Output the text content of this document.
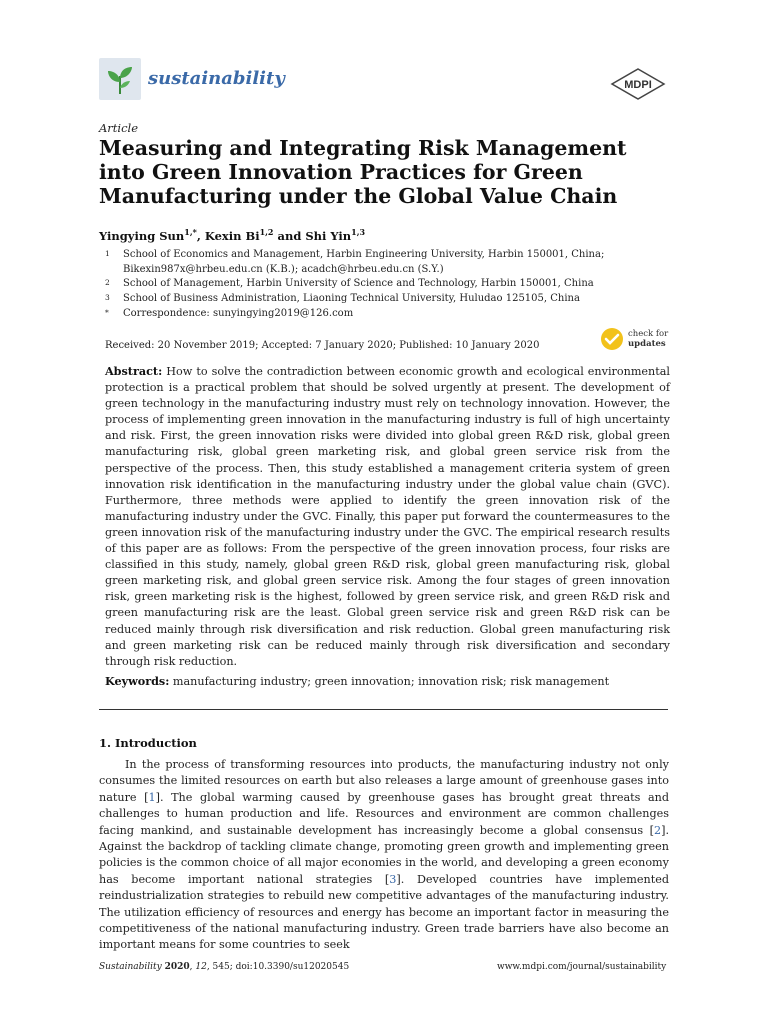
sustainability	MDPI
Article
Measuring and Integrating Risk Management into Green Innovation Practices for Green Manufacturing under the Global Value Chain
Yingying Sun$^{1,*}$, Kexin Bi$^{1,2}$ and Shi Yin$^{1,3}$
1 School of Economics and Management, Harbin Engineering University, Harbin 150001, China; Bikexin987x@hrbeu.edu.cn (K.B.); acadch@hrbeu.edu.cn (S.Y.)
2 School of Management, Harbin University of Science and Technology, Harbin 150001, China
3 School of Business Administration, Liaoning Technical University, Huludao 125105, China
* Correspondence: sunyingying2019@126.com
Received: 20 November 2019; Accepted: 7 January 2020; Published: 10 January 2020
check for
updates
Abstract: How to solve the contradiction between economic growth and ecological environmental protection is a practical problem that should be solved urgently at present. The development of green technology in the manufacturing industry must rely on technology innovation. However, the process of implementing green innovation in the manufacturing industry is full of high uncertainty and risk. First, the green innovation risks were divided into global green R&D risk, global green manufacturing risk, global green marketing risk, and global green service risk from the perspective of the process. Then, this study established a management criteria system of green innovation risk identification in the manufacturing industry under the global value chain (GVC). Furthermore, three methods were applied to identify the green innovation risk of the manufacturing industry under the GVC. Finally, this paper put forward the countermeasures to the green innovation risk of the manufacturing industry under the GVC. The empirical research results of this paper are as follows: From the perspective of the green innovation process, four risks are classified in this study, namely, global green R&D risk, global green manufacturing risk, global green marketing risk, and global green service risk. Among the four stages of green innovation risk, green marketing risk is the highest, followed by green service risk, and green R&D risk and green manufacturing risk are the least. Global green service risk and green R&D risk can be reduced mainly through risk diversification and risk reduction. Global green manufacturing risk and green marketing risk can be reduced mainly through risk diversification and secondary through risk reduction.
Keywords: manufacturing industry; green innovation; innovation risk; risk management
1. Introduction
In the process of transforming resources into products, the manufacturing industry not only consumes the limited resources on earth but also releases a large amount of greenhouse gases into nature [1]. The global warming caused by greenhouse gases has brought great threats and challenges to human production and life. Resources and environment are common challenges facing mankind, and sustainable development has increasingly become a global consensus [2]. Against the backdrop of tackling climate change, promoting green growth and implementing green policies is the common choice of all major economies in the world, and developing a green economy has become important national strategies [3]. Developed countries have implemented reindustrialization strategies to rebuild new competitive advantages of the manufacturing industry. The utilization efficiency of resources and energy has become an important factor in measuring the competitiveness of the national manufacturing industry. Green trade barriers have also become an important means for some countries to seek
Sustainability 2020, 12, 545; doi:10.3390/su12020545	www.mdpi.com/journal/sustainability
